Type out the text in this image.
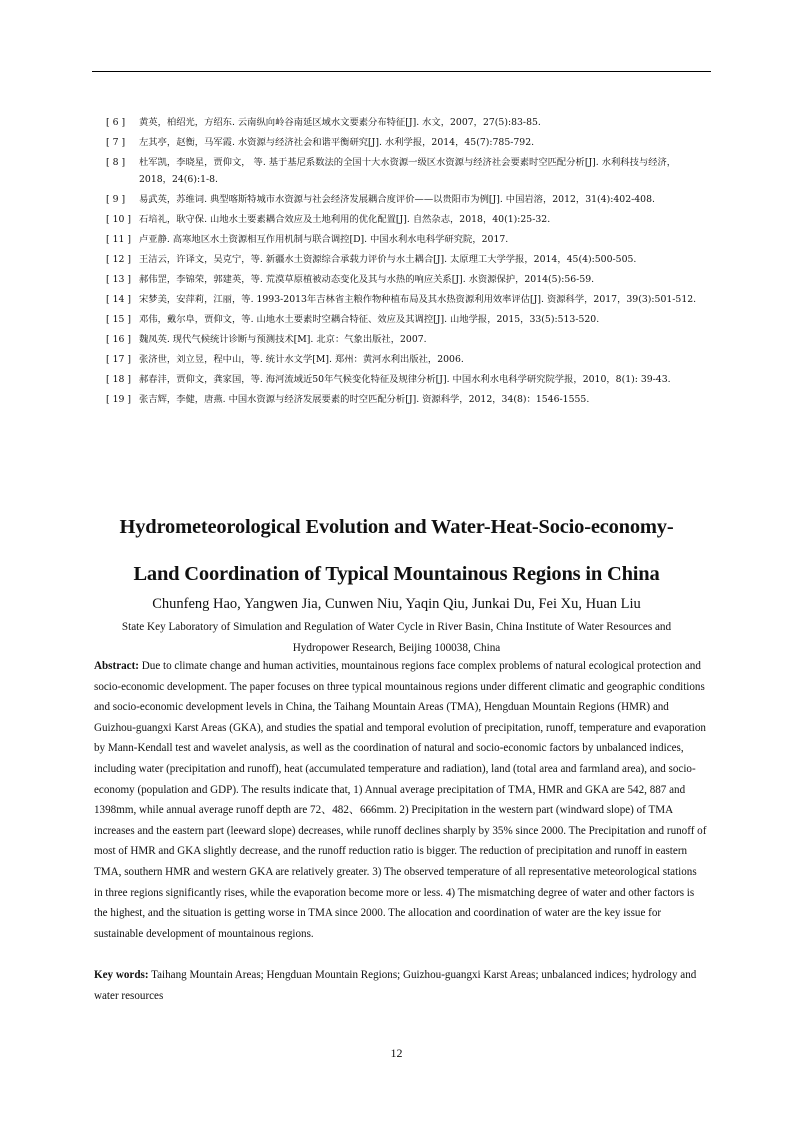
[ 6 ] 黄英，柏绍光，方绍东. 云南纵向岭谷南延区域水文要素分布特征[J]. 水文，2007，27(5):83-85.
[ 7 ] 左其亭，赵衡，马军霞. 水资源与经济社会和谐平衡研究[J]. 水利学报，2014，45(7):785-792.
[ 8 ] 杜军凯，李晓星，贾仰文， 等. 基于基尼系数法的全国十大水资源一级区水资源与经济社会要素时空匹配分析[J]. 水利科技与经济，2018，24(6):1-8.
[ 9 ] 易武英，苏维词. 典型喀斯特城市水资源与社会经济发展耦合度评价——以贵阳市为例[J]. 中国岩溶，2012，31(4):402-408.
[ 10 ] 石培礼，耿守保. 山地水土要素耦合效应及土地利用的优化配置[J]. 自然杂志，2018，40(1):25-32.
[ 11 ] 卢亚静. 高寒地区水土资源相互作用机制与联合调控[D]. 中国水利水电科学研究院，2017.
[ 12 ] 王洁云，许译文，吴克宁，等. 新疆水土资源综合承载力评价与水土耦合[J]. 太原理工大学学报，2014，45(4):500-505.
[ 13 ] 郝伟罡，李锦荣，郭建英，等. 荒漠草原植被动态变化及其与水热的响应关系[J]. 水资源保护，2014(5):56-59.
[ 14 ] 宋梦美，安萍莉，江丽，等. 1993-2013年吉林省主粮作物种植布局及其水热资源利用效率评估[J]. 资源科学，2017，39(3):501-512.
[ 15 ] 邓伟，戴尔阜，贾仰文，等. 山地水土要素时空耦合特征、效应及其调控[J]. 山地学报，2015，33(5):513-520.
[ 16 ] 魏凤英. 现代气候统计诊断与预测技术[M]. 北京：气象出版社，2007.
[ 17 ] 张济世，刘立昱，程中山，等. 统计水文学[M]. 郑州：黄河水利出版社，2006.
[ 18 ] 郝春沣，贾仰文，龚家国，等. 海河流域近50年气候变化特征及规律分析[J]. 中国水利水电科学研究院学报，2010，8(1): 39-43.
[ 19 ] 张吉辉，李健，唐燕. 中国水资源与经济发展要素的时空匹配分析[J]. 资源科学，2012，34(8)：1546-1555.
Hydrometeorological Evolution and Water-Heat-Socio-economy-
Land Coordination of Typical Mountainous Regions in China
Chunfeng Hao, Yangwen Jia, Cunwen Niu, Yaqin Qiu, Junkai Du, Fei Xu, Huan Liu
State Key Laboratory of Simulation and Regulation of Water Cycle in River Basin, China Institute of Water Resources and
Hydropower Research, Beijing 100038, China

Abstract: Due to climate change and human activities, mountainous regions face complex problems of natural ecological protection and socio-economic development. The paper focuses on three typical mountainous regions under different climatic and geographic conditions and socio-economic development levels in China, the Taihang Mountain Areas (TMA), Hengduan Mountain Regions (HMR) and Guizhou-guangxi Karst Areas (GKA), and studies the spatial and temporal evolution of precipitation, runoff, temperature and evaporation by Mann-Kendall test and wavelet analysis, as well as the coordination of natural and socio-economic factors by unbalanced indices, including water (precipitation and runoff), heat (accumulated temperature and radiation), land (total area and farmland area), and socio-economy (population and GDP). The results indicate that, 1) Annual average precipitation of TMA, HMR and GKA are 542, 887 and 1398mm, while annual average runoff depth are 72、482、666mm. 2) Precipitation in the western part (windward slope) of TMA increases and the eastern part (leeward slope) decreases, while runoff declines sharply by 35% since 2000. The Precipitation and runoff of most of HMR and GKA slightly decrease, and the runoff reduction ratio is bigger. The reduction of precipitation and runoff in eastern TMA, southern HMR and western GKA are relatively greater. 3) The observed temperature of all representative meteorological stations in three regions significantly rises, while the evaporation become more or less. 4) The mismatching degree of water and other factors is the highest, and the situation is getting worse in TMA since 2000. The allocation and coordination of water are the key issue for sustainable development of mountainous regions.

Key words: Taihang Mountain Areas; Hengduan Mountain Regions; Guizhou-guangxi Karst Areas; unbalanced indices; hydrology and water resources

12
